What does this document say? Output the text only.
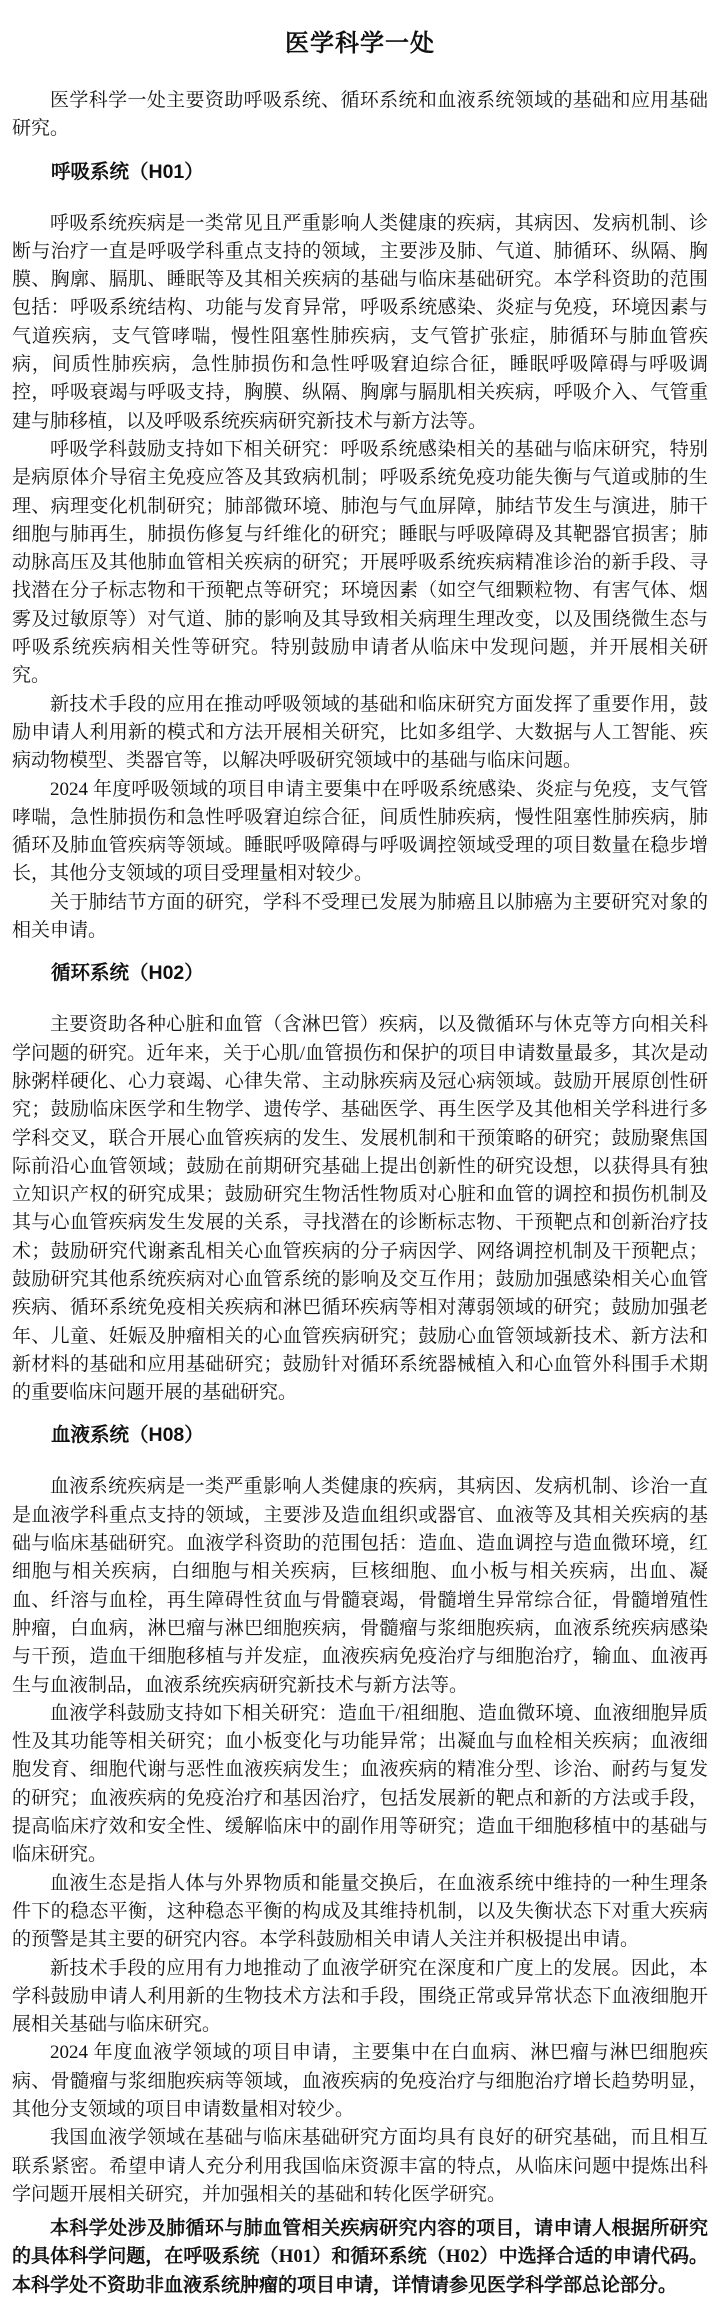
医学科学一处

医学科学一处主要资助呼吸系统、循环系统和血液系统领域的基础和应用基础研究。

呼吸系统（H01）

呼吸系统疾病是一类常见且严重影响人类健康的疾病，其病因、发病机制、诊断与治疗一直是呼吸学科重点支持的领域，主要涉及肺、气道、肺循环、纵隔、胸膜、胸廓、膈肌、睡眠等及其相关疾病的基础与临床基础研究。本学科资助的范围包括：呼吸系统结构、功能与发育异常，呼吸系统感染、炎症与免疫，环境因素与气道疾病，支气管哮喘，慢性阻塞性肺疾病，支气管扩张症，肺循环与肺血管疾病，间质性肺疾病，急性肺损伤和急性呼吸窘迫综合征，睡眠呼吸障碍与呼吸调控，呼吸衰竭与呼吸支持，胸膜、纵隔、胸廓与膈肌相关疾病，呼吸介入、气管重建与肺移植，以及呼吸系统疾病研究新技术与新方法等。

呼吸学科鼓励支持如下相关研究：呼吸系统感染相关的基础与临床研究，特别是病原体介导宿主免疫应答及其致病机制；呼吸系统免疫功能失衡与气道或肺的生理、病理变化机制研究；肺部微环境、肺泡与气血屏障，肺结节发生与演进，肺干细胞与肺再生，肺损伤修复与纤维化的研究；睡眠与呼吸障碍及其靶器官损害；肺动脉高压及其他肺血管相关疾病的研究；开展呼吸系统疾病精准诊治的新手段、寻找潜在分子标志物和干预靶点等研究；环境因素（如空气细颗粒物、有害气体、烟雾及过敏原等）对气道、肺的影响及其导致相关病理生理改变，以及围绕微生态与呼吸系统疾病相关性等研究。特别鼓励申请者从临床中发现问题，并开展相关研究。

新技术手段的应用在推动呼吸领域的基础和临床研究方面发挥了重要作用，鼓励申请人利用新的模式和方法开展相关研究，比如多组学、大数据与人工智能、疾病动物模型、类器官等，以解决呼吸研究领域中的基础与临床问题。

2024 年度呼吸领域的项目申请主要集中在呼吸系统感染、炎症与免疫，支气管哮喘，急性肺损伤和急性呼吸窘迫综合征，间质性肺疾病，慢性阻塞性肺疾病，肺循环及肺血管疾病等领域。睡眠呼吸障碍与呼吸调控领域受理的项目数量在稳步增长，其他分支领域的项目受理量相对较少。

关于肺结节方面的研究，学科不受理已发展为肺癌且以肺癌为主要研究对象的相关申请。

循环系统（H02）

主要资助各种心脏和血管（含淋巴管）疾病，以及微循环与休克等方向相关科学问题的研究。近年来，关于心肌/血管损伤和保护的项目申请数量最多，其次是动脉粥样硬化、心力衰竭、心律失常、主动脉疾病及冠心病领域。鼓励开展原创性研究；鼓励临床医学和生物学、遗传学、基础医学、再生医学及其他相关学科进行多学科交叉，联合开展心血管疾病的发生、发展机制和干预策略的研究；鼓励聚焦国际前沿心血管领域；鼓励在前期研究基础上提出创新性的研究设想，以获得具有独立知识产权的研究成果；鼓励研究生物活性物质对心脏和血管的调控和损伤机制及其与心血管疾病发生发展的关系，寻找潜在的诊断标志物、干预靶点和创新治疗技术；鼓励研究代谢紊乱相关心血管疾病的分子病因学、网络调控机制及干预靶点；鼓励研究其他系统疾病对心血管系统的影响及交互作用；鼓励加强感染相关心血管疾病、循环系统免疫相关疾病和淋巴循环疾病等相对薄弱领域的研究；鼓励加强老年、儿童、妊娠及肿瘤相关的心血管疾病研究；鼓励心血管领域新技术、新方法和新材料的基础和应用基础研究；鼓励针对循环系统器械植入和心血管外科围手术期的重要临床问题开展的基础研究。

血液系统（H08）

血液系统疾病是一类严重影响人类健康的疾病，其病因、发病机制、诊治一直是血液学科重点支持的领域，主要涉及造血组织或器官、血液等及其相关疾病的基础与临床基础研究。血液学科资助的范围包括：造血、造血调控与造血微环境，红细胞与相关疾病，白细胞与相关疾病，巨核细胞、血小板与相关疾病，出血、凝血、纤溶与血栓，再生障碍性贫血与骨髓衰竭，骨髓增生异常综合征，骨髓增殖性肿瘤，白血病，淋巴瘤与淋巴细胞疾病，骨髓瘤与浆细胞疾病，血液系统疾病感染与干预，造血干细胞移植与并发症，血液疾病免疫治疗与细胞治疗，输血、血液再生与血液制品，血液系统疾病研究新技术与新方法等。

血液学科鼓励支持如下相关研究：造血干/祖细胞、造血微环境、血液细胞异质性及其功能等相关研究；血小板变化与功能异常；出凝血与血栓相关疾病；血液细胞发育、细胞代谢与恶性血液疾病发生；血液疾病的精准分型、诊治、耐药与复发的研究；血液疾病的免疫治疗和基因治疗，包括发展新的靶点和新的方法或手段，提高临床疗效和安全性、缓解临床中的副作用等研究；造血干细胞移植中的基础与临床研究。

血液生态是指人体与外界物质和能量交换后，在血液系统中维持的一种生理条件下的稳态平衡，这种稳态平衡的构成及其维持机制，以及失衡状态下对重大疾病的预警是其主要的研究内容。本学科鼓励相关申请人关注并积极提出申请。

新技术手段的应用有力地推动了血液学研究在深度和广度上的发展。因此，本学科鼓励申请人利用新的生物技术方法和手段，围绕正常或异常状态下血液细胞开展相关基础与临床研究。

2024 年度血液学领域的项目申请，主要集中在白血病、淋巴瘤与淋巴细胞疾病、骨髓瘤与浆细胞疾病等领域，血液疾病的免疫治疗与细胞治疗增长趋势明显，其他分支领域的项目申请数量相对较少。

我国血液学领域在基础与临床基础研究方面均具有良好的研究基础，而且相互联系紧密。希望申请人充分利用我国临床资源丰富的特点，从临床问题中提炼出科学问题开展相关研究，并加强相关的基础和转化医学研究。

本科学处涉及肺循环与肺血管相关疾病研究内容的项目，请申请人根据所研究的具体科学问题，在呼吸系统（H01）和循环系统（H02）中选择合适的申请代码。本科学处不资助非血液系统肿瘤的项目申请，详情请参见医学科学部总论部分。
